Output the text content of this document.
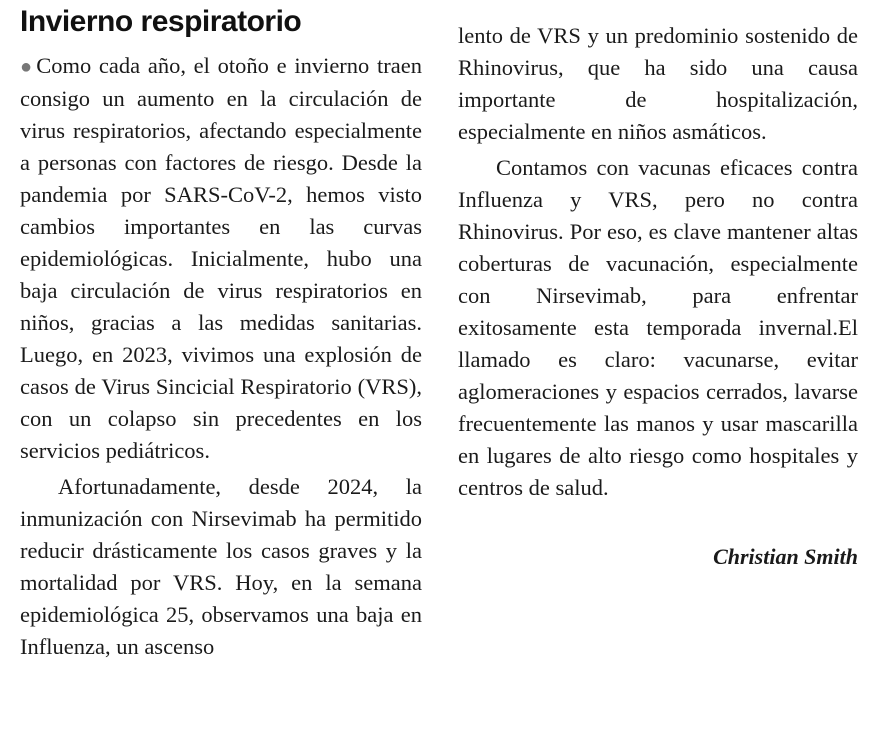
Invierno respiratorio

●Como cada año, el otoño e invierno traen consigo un aumento en la circulación de virus respiratorios, afectando especialmente a personas con factores de riesgo. Desde la pandemia por SARS-CoV-2, hemos visto cambios importantes en las curvas epidemiológicas. Inicialmente, hubo una baja circulación de virus respiratorios en niños, gracias a las medidas sanitarias. Luego, en 2023, vivimos una explosión de casos de Virus Sincicial Respiratorio (VRS), con un colapso sin precedentes en los servicios pediátricos.

Afortunadamente, desde 2024, la inmunización con Nirsevimab ha permitido reducir drásticamente los casos graves y la mortalidad por VRS. Hoy, en la semana epidemiológica 25, observamos una baja en Influenza, un ascenso

lento de VRS y un predominio sostenido de Rhinovirus, que ha sido una causa importante de hospitalización, especialmente en niños asmáticos.

Contamos con vacunas eficaces contra Influenza y VRS, pero no contra Rhinovirus. Por eso, es clave mantener altas coberturas de vacunación, especialmente con Nirsevimab, para enfrentar exitosamente esta temporada invernal.El llamado es claro: vacunarse, evitar aglomeraciones y espacios cerrados, lavarse frecuentemente las manos y usar mascarilla en lugares de alto riesgo como hospitales y centros de salud.

Christian Smith
